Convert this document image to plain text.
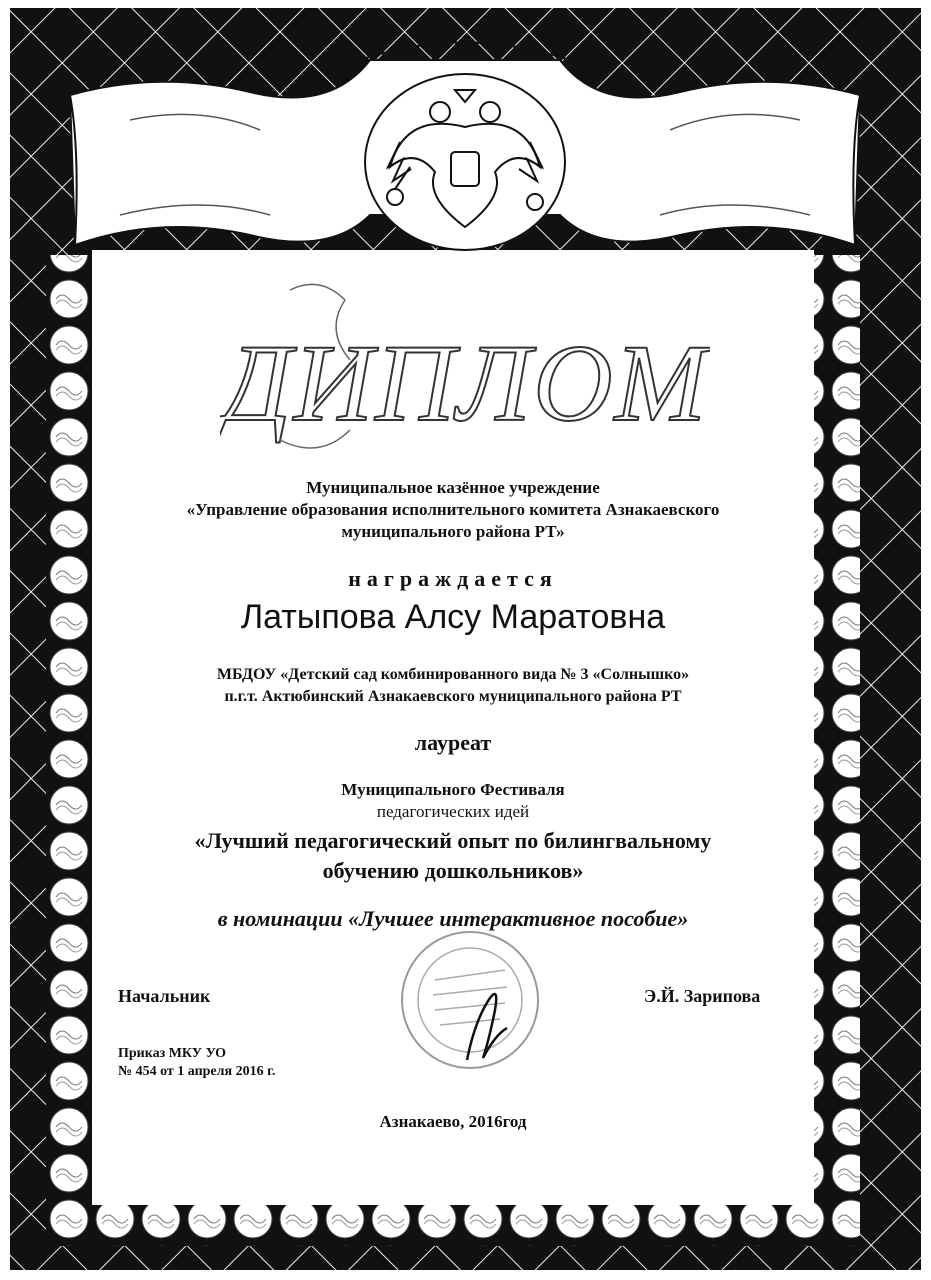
ДИПЛОМ
Муниципальное казённое учреждение
«Управление образования исполнительного комитета Азнакаевского
муниципального района РТ»
награждается
Латыпова Алсу Маратовна
МБДОУ «Детский сад комбинированного вида № 3 «Солнышко»
п.г.т. Актюбинский Азнакаевского муниципального района РТ
лауреат
Муниципального Фестиваля
педагогических идей
«Лучший педагогический опыт по билингвальному
обучению дошкольников»
в номинации «Лучшее интерактивное пособие»
Начальник	Э.Й. Зарипова
Приказ МКУ УО
№ 454 от 1 апреля 2016 г.
Азнакаево, 2016год
